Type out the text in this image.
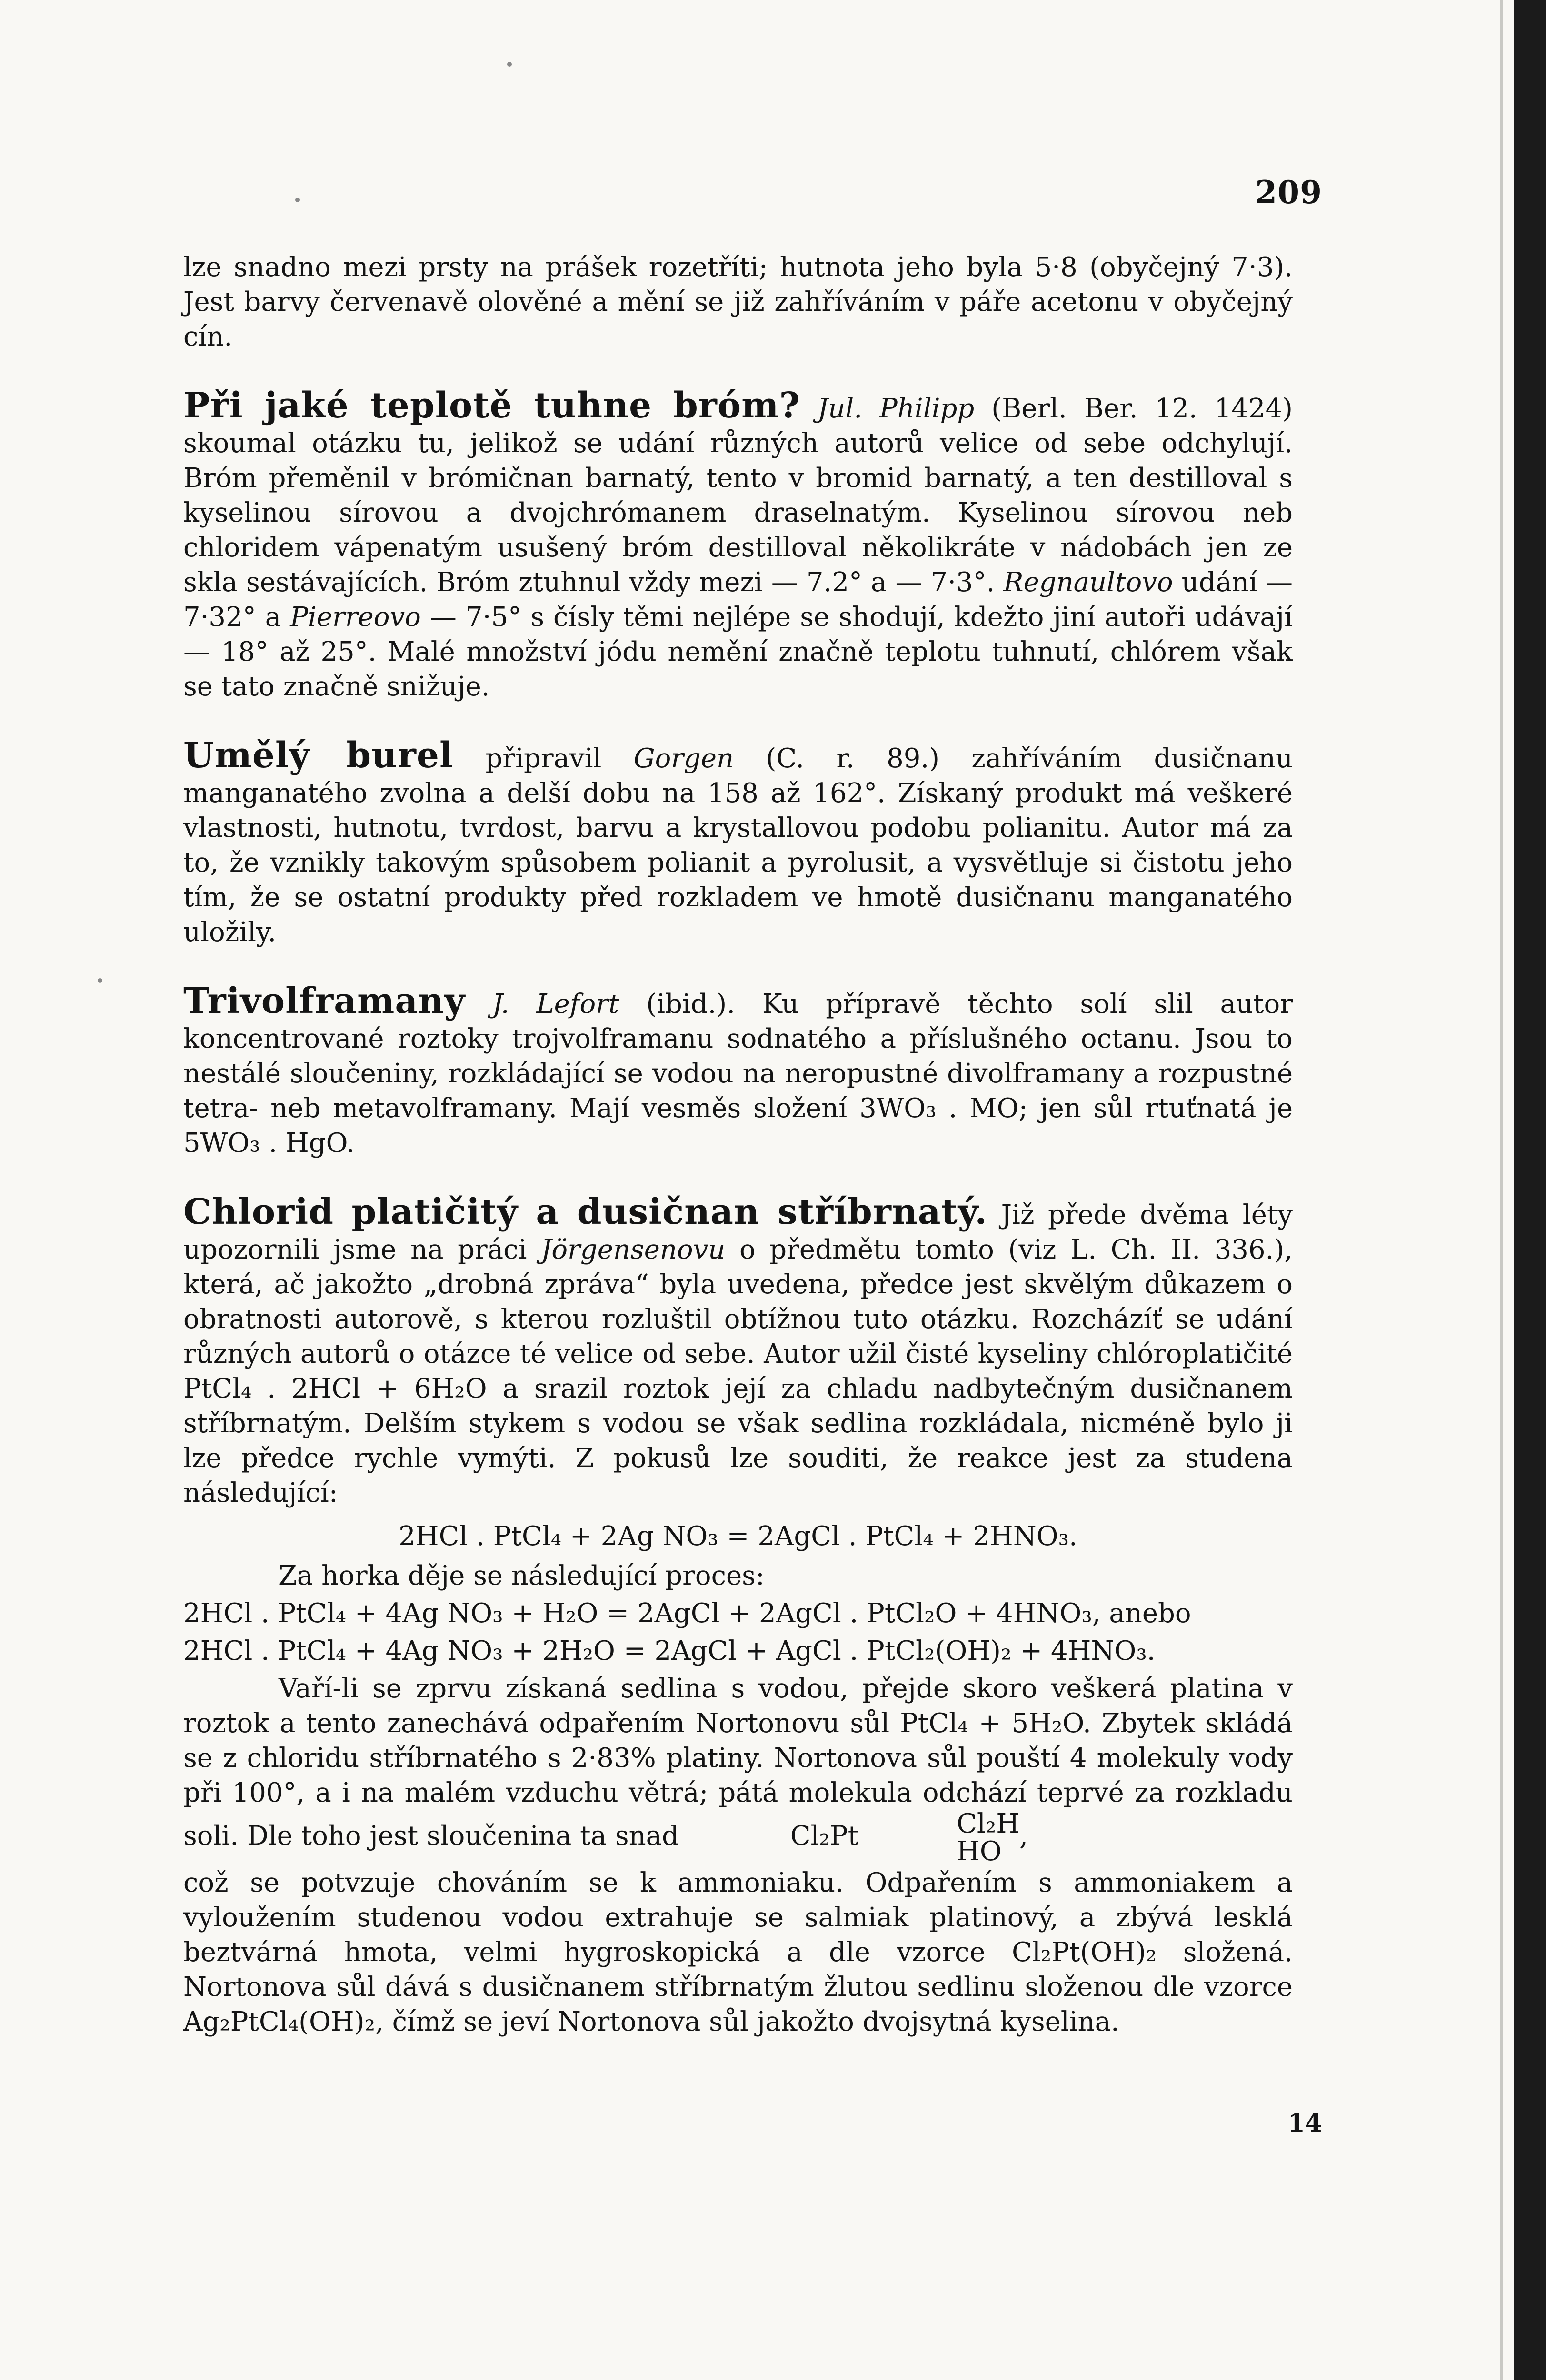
209

lze snadno mezi prsty na prášek rozetříti; hutnota jeho byla 5·8 (obyčejný 7·3). Jest barvy červenavě olověné a mění se již zahříváním v páře acetonu v obyčejný cín.

Při jaké teplotě tuhne bróm? Jul. Philipp (Berl. Ber. 12. 1424) skoumal otázku tu, jelikož se udání různých autorů velice od sebe odchylují. Bróm přeměnil v brómičnan barnatý, tento v bromid barnatý, a ten destilloval s kyselinou sírovou a dvojchrómanem draselnatým. Kyselinou sírovou neb chloridem vápenatým usušený bróm destilloval několikráte v nádobách jen ze skla sestávajících. Bróm ztuhnul vždy mezi — 7.2° a — 7·3°. Regnaultovo udání — 7·32° a Pierreovo — 7·5° s čísly těmi nejlépe se shodují, kdežto jiní autoři udávají — 18° až 25°. Malé množství jódu nemění značně teplotu tuhnutí, chlórem však se tato značně snižuje.

Umělý burel připravil Gorgen (C. r. 89.) zahříváním dusičnanu manganatého zvolna a delší dobu na 158 až 162°. Získaný produkt má veškeré vlastnosti, hutnotu, tvrdost, barvu a krystallovou podobu polianitu. Autor má za to, že vznikly takovým spůsobem polianit a pyrolusit, a vysvětluje si čistotu jeho tím, že se ostatní produkty před rozkladem ve hmotě dusičnanu manganatého uložily.

Trivolframany J. Lefort (ibid.). Ku přípravě těchto solí slil autor koncentrované roztoky trojvolframanu sodnatého a příslušného octanu. Jsou to nestálé sloučeniny, rozkládající se vodou na neropustné divolframany a rozpustné tetra- neb metavolframany. Mají vesměs složení 3WO₃ . MO; jen sůl rtuťnatá je 5WO₃ . HgO.

Chlorid platičitý a dusičnan stříbrnatý. Již přede dvěma léty upozornili jsme na práci Jörgensenovu o předmětu tomto (viz L. Ch. II. 336.), která, ač jakožto „drobná zpráva“ byla uvedena, předce jest skvělým důkazem o obratnosti autorově, s kterou rozluštil obtížnou tuto otázku. Rozcházíť se udání různých autorů o otázce té velice od sebe. Autor užil čisté kyseliny chlóroplatičité PtCl₄ . 2HCl + 6H₂O a srazil roztok její za chladu nadbytečným dusičnanem stříbrnatým. Delším stykem s vodou se však sedlina rozkládala, nicméně bylo ji lze předce rychle vymýti. Z pokusů lze souditi, že reakce jest za studena následující:

2HCl . PtCl₄ + 2Ag NO₃ = 2AgCl . PtCl₄ + 2HNO₃.

Za horka děje se následující proces:

2HCl . PtCl₄ + 4Ag NO₃ + H₂O = 2AgCl + 2AgCl . PtCl₂O + 4HNO₃, anebo

2HCl . PtCl₄ + 4Ag NO₃ + 2H₂O = 2AgCl + AgCl . PtCl₂(OH)₂ + 4HNO₃.

Vaří-li se zprvu získaná sedlina s vodou, přejde skoro veškerá platina v roztok a tento zanechává odpařením Nortonovu sůl PtCl₄ + 5H₂O. Zbytek skládá se z chloridu stříbrnatého s 2·83% platiny. Nortonova sůl pouští 4 molekuly vody při 100°, a i na malém vzduchu větrá; pátá molekula odchází teprvé za rozkladu soli. Dle toho jest sloučenina ta snad	Cl₂Pt	Cl₂H
HO ,

což se potvzuje chováním se k ammoniaku. Odpařením s ammoniakem a vyloužením studenou vodou extrahuje se salmiak platinový, a zbývá lesklá beztvárná hmota, velmi hygroskopická a dle vzorce Cl₂Pt(OH)₂ složená. Nortonova sůl dává s dusičnanem stříbrnatým žlutou sedlinu složenou dle vzorce Ag₂PtCl₄(OH)₂, čímž se jeví Nortonova sůl jakožto dvojsytná kyselina.

14
